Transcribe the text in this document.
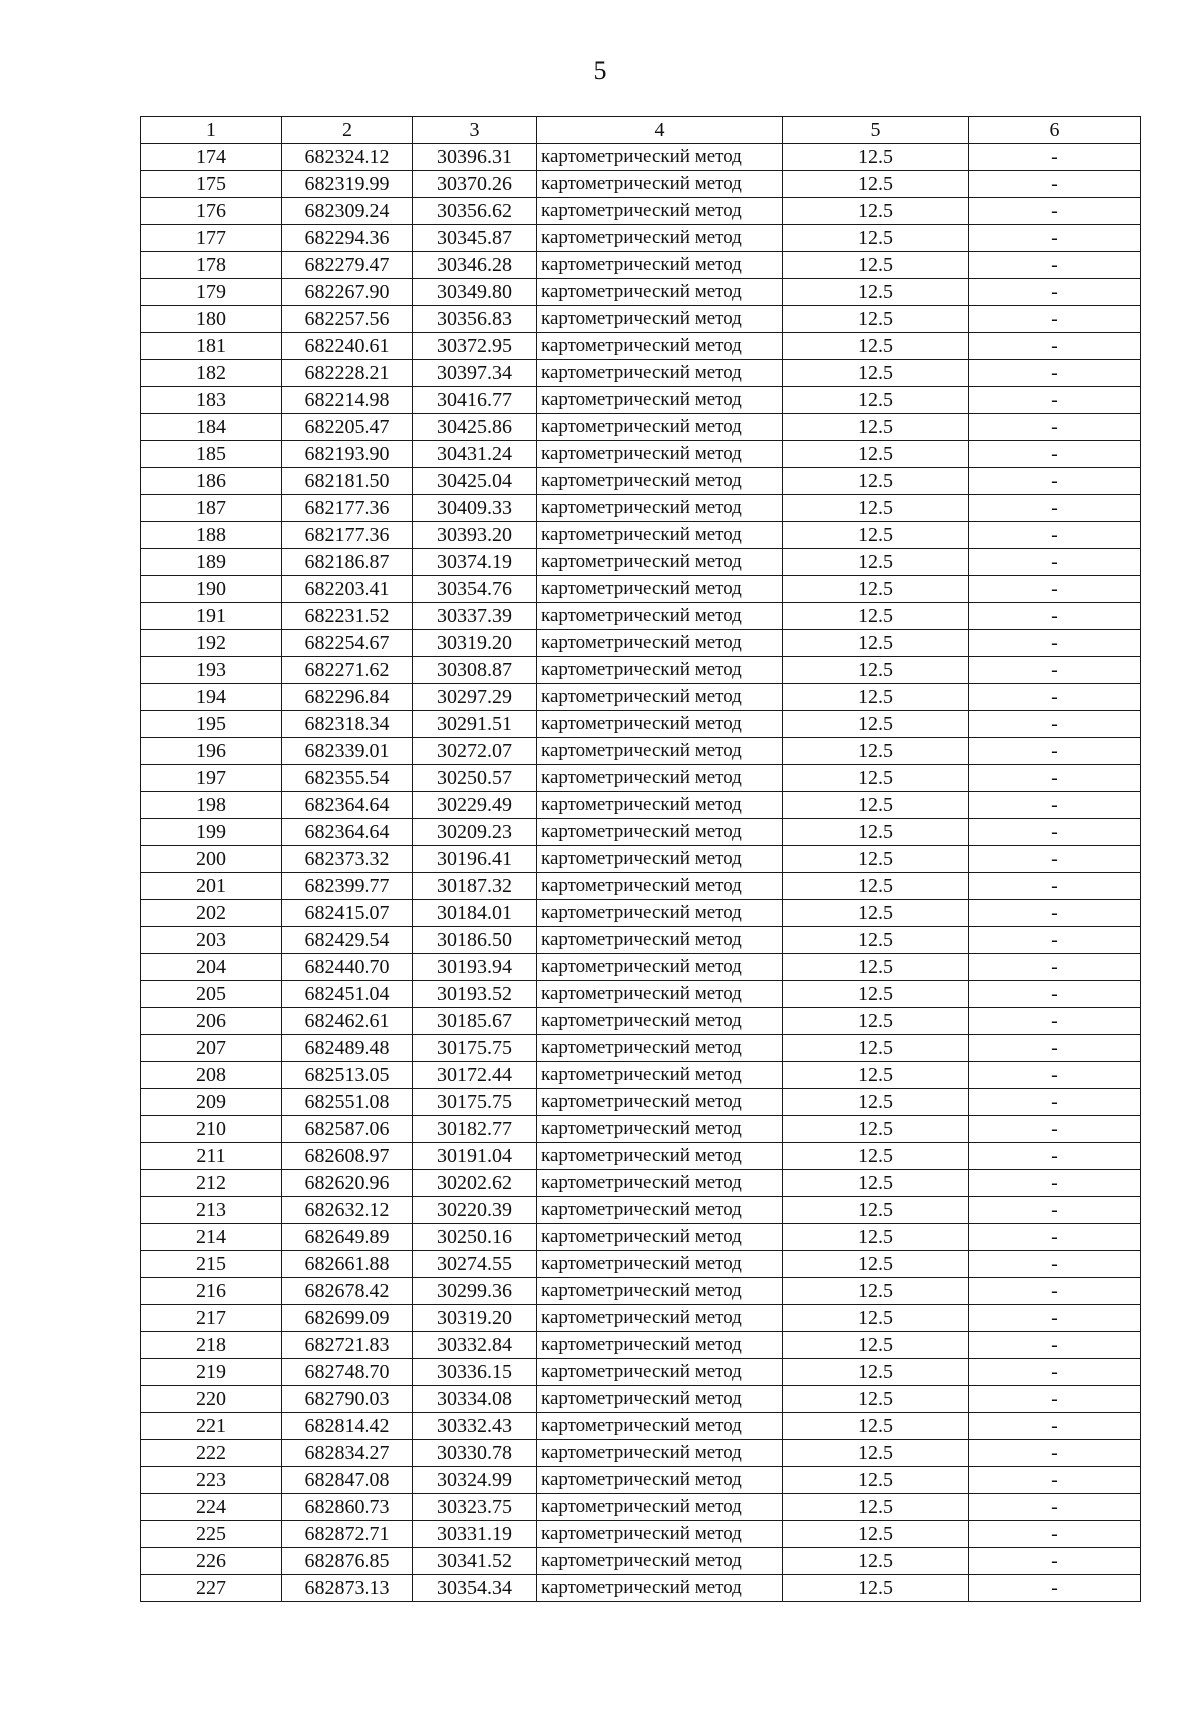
5
1	2	3	4	5	6
174	682324.12	30396.31	картометрический метод	12.5	-
175	682319.99	30370.26	картометрический метод	12.5	-
176	682309.24	30356.62	картометрический метод	12.5	-
177	682294.36	30345.87	картометрический метод	12.5	-
178	682279.47	30346.28	картометрический метод	12.5	-
179	682267.90	30349.80	картометрический метод	12.5	-
180	682257.56	30356.83	картометрический метод	12.5	-
181	682240.61	30372.95	картометрический метод	12.5	-
182	682228.21	30397.34	картометрический метод	12.5	-
183	682214.98	30416.77	картометрический метод	12.5	-
184	682205.47	30425.86	картометрический метод	12.5	-
185	682193.90	30431.24	картометрический метод	12.5	-
186	682181.50	30425.04	картометрический метод	12.5	-
187	682177.36	30409.33	картометрический метод	12.5	-
188	682177.36	30393.20	картометрический метод	12.5	-
189	682186.87	30374.19	картометрический метод	12.5	-
190	682203.41	30354.76	картометрический метод	12.5	-
191	682231.52	30337.39	картометрический метод	12.5	-
192	682254.67	30319.20	картометрический метод	12.5	-
193	682271.62	30308.87	картометрический метод	12.5	-
194	682296.84	30297.29	картометрический метод	12.5	-
195	682318.34	30291.51	картометрический метод	12.5	-
196	682339.01	30272.07	картометрический метод	12.5	-
197	682355.54	30250.57	картометрический метод	12.5	-
198	682364.64	30229.49	картометрический метод	12.5	-
199	682364.64	30209.23	картометрический метод	12.5	-
200	682373.32	30196.41	картометрический метод	12.5	-
201	682399.77	30187.32	картометрический метод	12.5	-
202	682415.07	30184.01	картометрический метод	12.5	-
203	682429.54	30186.50	картометрический метод	12.5	-
204	682440.70	30193.94	картометрический метод	12.5	-
205	682451.04	30193.52	картометрический метод	12.5	-
206	682462.61	30185.67	картометрический метод	12.5	-
207	682489.48	30175.75	картометрический метод	12.5	-
208	682513.05	30172.44	картометрический метод	12.5	-
209	682551.08	30175.75	картометрический метод	12.5	-
210	682587.06	30182.77	картометрический метод	12.5	-
211	682608.97	30191.04	картометрический метод	12.5	-
212	682620.96	30202.62	картометрический метод	12.5	-
213	682632.12	30220.39	картометрический метод	12.5	-
214	682649.89	30250.16	картометрический метод	12.5	-
215	682661.88	30274.55	картометрический метод	12.5	-
216	682678.42	30299.36	картометрический метод	12.5	-
217	682699.09	30319.20	картометрический метод	12.5	-
218	682721.83	30332.84	картометрический метод	12.5	-
219	682748.70	30336.15	картометрический метод	12.5	-
220	682790.03	30334.08	картометрический метод	12.5	-
221	682814.42	30332.43	картометрический метод	12.5	-
222	682834.27	30330.78	картометрический метод	12.5	-
223	682847.08	30324.99	картометрический метод	12.5	-
224	682860.73	30323.75	картометрический метод	12.5	-
225	682872.71	30331.19	картометрический метод	12.5	-
226	682876.85	30341.52	картометрический метод	12.5	-
227	682873.13	30354.34	картометрический метод	12.5	-
